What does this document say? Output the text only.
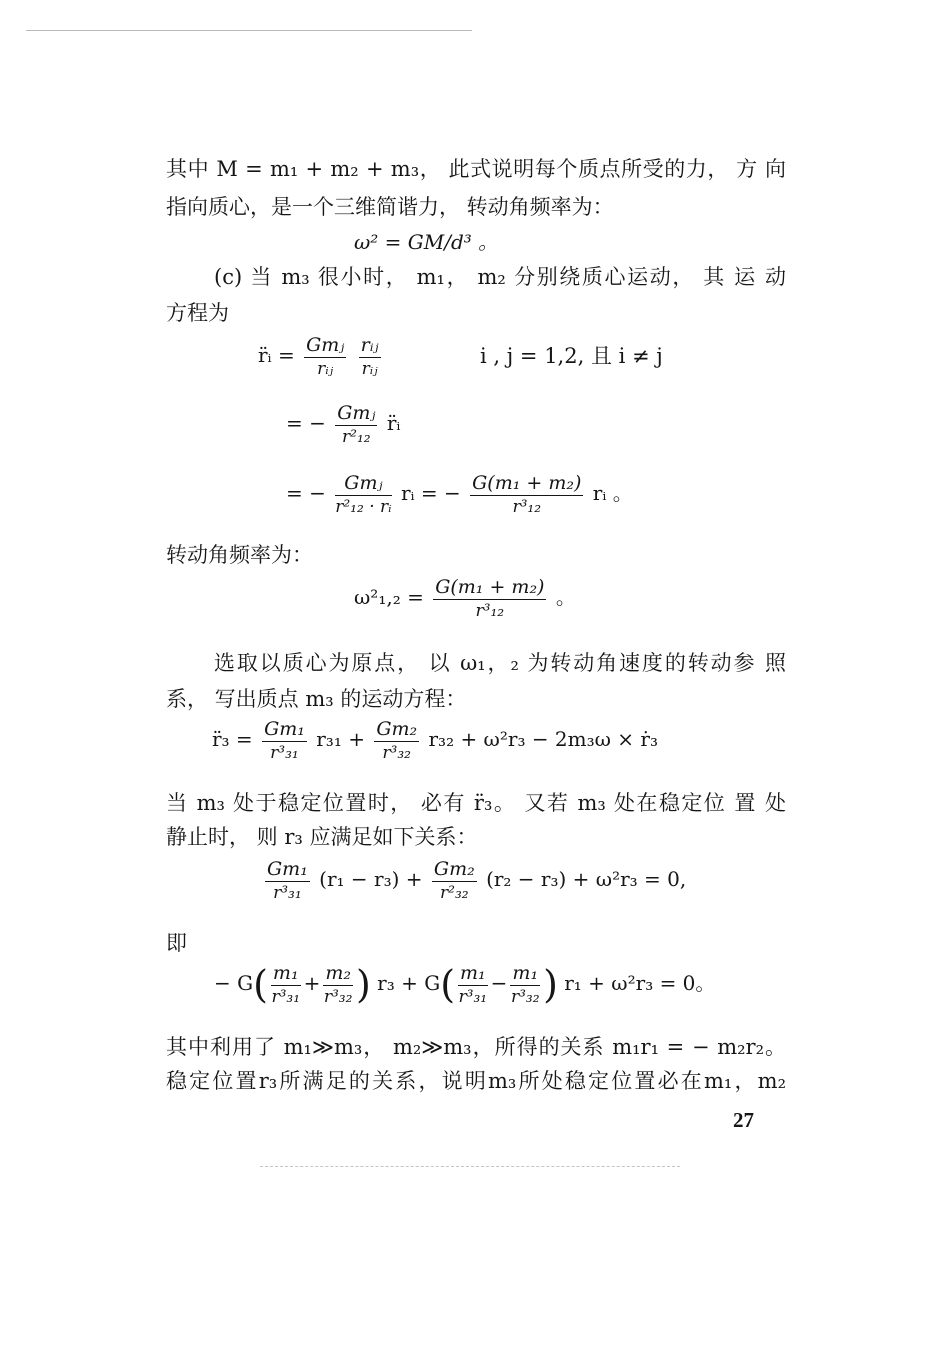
其中 M = m₁ + m₂ + m₃， 此式说明每个质点所受的力， 方 向
指向质心，是一个三维简谐力， 转动角频率为：
ω² = GM/d³ 。
(c) 当 m₃ 很小时， m₁， m₂ 分别绕质心运动， 其 运 动
方程为
r̈ᵢ = $\frac{\text{Gmⱼ}}{\text{rᵢⱼ}}$
$\frac{\text{rᵢⱼ}}{\text{rᵢⱼ}}$	i , j = 1,2, 且 i ≠ j
= − $\frac{\text{Gmⱼ}}{\text{r²₁₂}}$ r̈ᵢ
= − $\frac{\text{Gmⱼ}}{\text{r²₁₂ · rᵢ}}$ rᵢ = − $\frac{\text{G(m₁ + m₂)}}{\text{r³₁₂}}$ rᵢ 。
转动角频率为：
$\omega^2_1,_2 = \frac{\text{G(m₁ + m₂)}}{\text{r³₁₂}}$ 。
选取以质心为原点， 以 ω₁，₂ 为转动角速度的转动参 照
系， 写出质点 m₃ 的运动方程：
r̈₃ = $\frac{\text{Gm₁}}{\text{r³₃₁}} r_{31} + \frac{\text{Gm₂}}{\text{r³₃₂}} r_{32} + \omega^2r_3 - 2m_3\omega$ × ṙ₃
当 m₃ 处于稳定位置时， 必有 r̈₃。 又若 m₃ 处在稳定位 置 处
静止时， 则 r₃ 应满足如下关系：
$\frac{\text{Gm₁}}{\text{r³₃₁}} (r_1 - r_3) + \frac{\text{Gm₂}}{\text{r²₃₂}} (r_2 - r_3) + \omega^2r_3 = 0$,
即
− $G( \frac{\text{m₁}}{\text{r³₃₁}} + \frac{\text{m₂}}{\text{r³₃₂}}$ ) $r_3 + G( \frac{\text{m₁}}{\text{r³₃₁}} - \frac{\text{m₁}}{\text{r³₃₂}}$ ) r₁ + ω²r₃ = 0。
其中利用了 m₁≫m₃， m₂≫m₃，所得的关系 m₁r₁ = − m₂r₂。
稳定位置r₃所满足的关系，说明m₃所处稳定位置必在m₁，m₂
27
